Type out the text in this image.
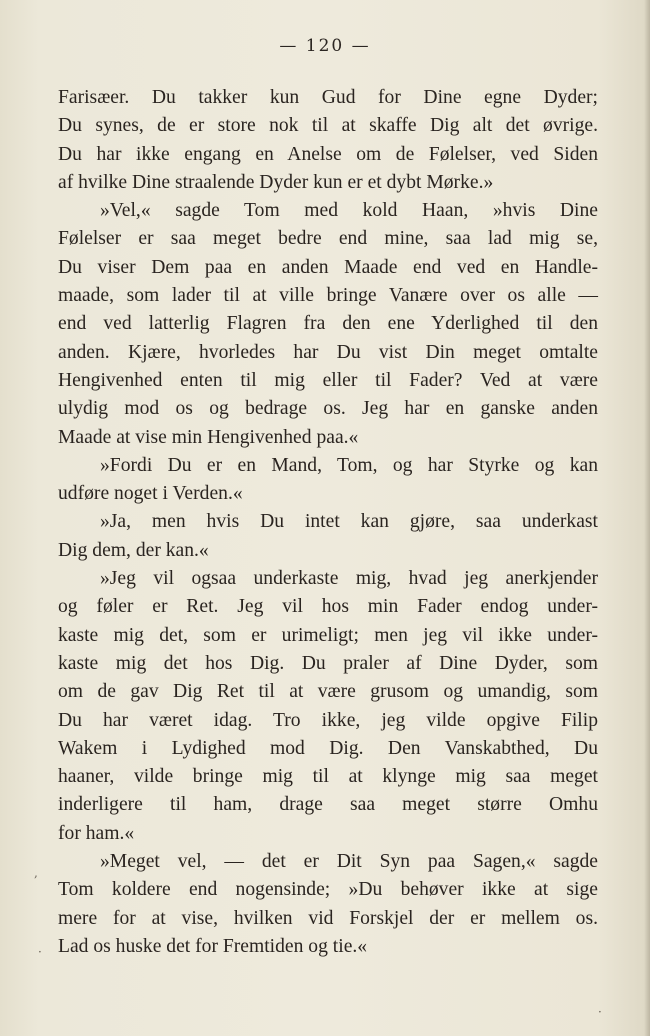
— 120 —
Farisæer. Du takker kun Gud for Dine egne Dyder;
Du synes, de er store nok til at skaffe Dig alt det øvrige.
Du har ikke engang en Anelse om de Følelser, ved Siden
af hvilke Dine straalende Dyder kun er et dybt Mørke.»
»Vel,« sagde Tom med kold Haan, »hvis Dine
Følelser er saa meget bedre end mine, saa lad mig se,
Du viser Dem paa en anden Maade end ved en Handle-
maade, som lader til at ville bringe Vanære over os alle —
end ved latterlig Flagren fra den ene Yderlighed til den
anden. Kjære, hvorledes har Du vist Din meget omtalte
Hengivenhed enten til mig eller til Fader? Ved at være
ulydig mod os og bedrage os. Jeg har en ganske anden
Maade at vise min Hengivenhed paa.«
»Fordi Du er en Mand, Tom, og har Styrke og kan
udføre noget i Verden.«
»Ja, men hvis Du intet kan gjøre, saa underkast
Dig dem, der kan.«
»Jeg vil ogsaa underkaste mig, hvad jeg anerkjender
og føler er Ret. Jeg vil hos min Fader endog under-
kaste mig det, som er urimeligt; men jeg vil ikke under-
kaste mig det hos Dig. Du praler af Dine Dyder, som
om de gav Dig Ret til at være grusom og umandig, som
Du har været idag. Tro ikke, jeg vilde opgive Filip
Wakem i Lydighed mod Dig. Den Vanskabthed, Du
haaner, vilde bringe mig til at klynge mig saa meget
inderligere til ham, drage saa meget større Omhu
for ham.«
»Meget vel, — det er Dit Syn paa Sagen,« sagde
Tom koldere end nogensinde; »Du behøver ikke at sige
mere for at vise, hvilken vid Forskjel der er mellem os.
Lad os huske det for Fremtiden og tie.«
,
·
·
